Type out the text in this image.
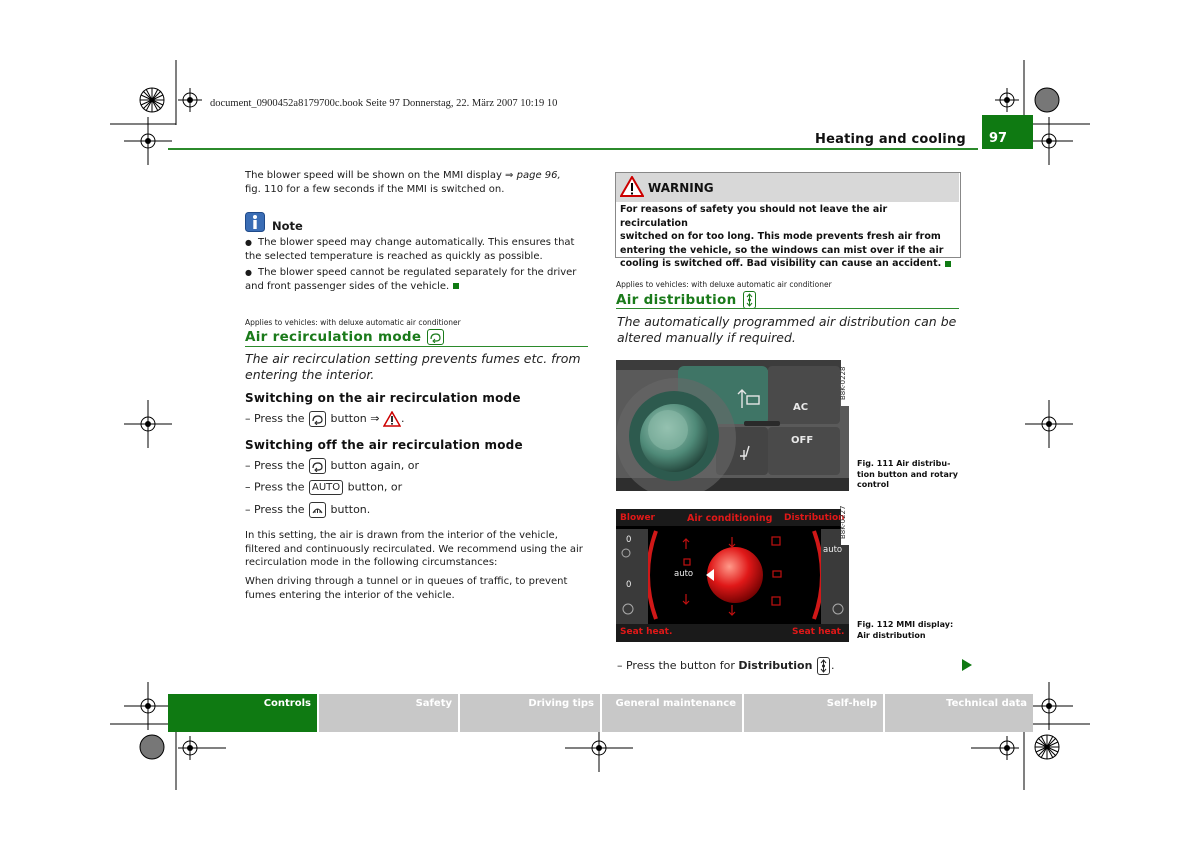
document_0900452a8179700c.book Seite 97 Donnerstag, 22. März 2007 10:19 10
Heating and cooling 97
The blower speed will be shown on the MMI display ⇒ page 96,
fig. 110 for a few seconds if the MMI is switched on.
Note
● The blower speed may change automatically. This ensures that
the selected temperature is reached as quickly as possible.
● The blower speed cannot be regulated separately for the driver
and front passenger sides of the vehicle.
Applies to vehicles: with deluxe automatic air conditioner
Air recirculation mode
The air recirculation setting prevents fumes etc. from
entering the interior.
Switching on the air recirculation mode
– Press the button ⇒ .
Switching off the air recirculation mode
– Press the button again, or
– Press the AUTO button, or
– Press the button.
In this setting, the air is drawn from the interior of the vehicle,
filtered and continuously recirculated. We recommend using the air
recirculation mode in the following circumstances:
When driving through a tunnel or in queues of traffic, to prevent
fumes entering the interior of the vehicle.
WARNING
For reasons of safety you should not leave the air recirculation
switched on for too long. This mode prevents fresh air from
entering the vehicle, so the windows can mist over if the air
cooling is switched off. Bad visibility can cause an accident.
Applies to vehicles: with deluxe automatic air conditioner
Air distribution
The automatically programmed air distribution can be
altered manually if required.
B8K-0228
AC
OFF
Fig. 111 Air distribu-
tion button and rotary
control
Blower	Air conditioning Distribution
auto
auto
0
0
Seat heat.	Seat heat.
B8K-0227
Fig. 112 MMI display:
Air distribution
– Press the button for Distribution .
Controls	Safety	Driving tips	General maintenance	Self-help	Technical data
